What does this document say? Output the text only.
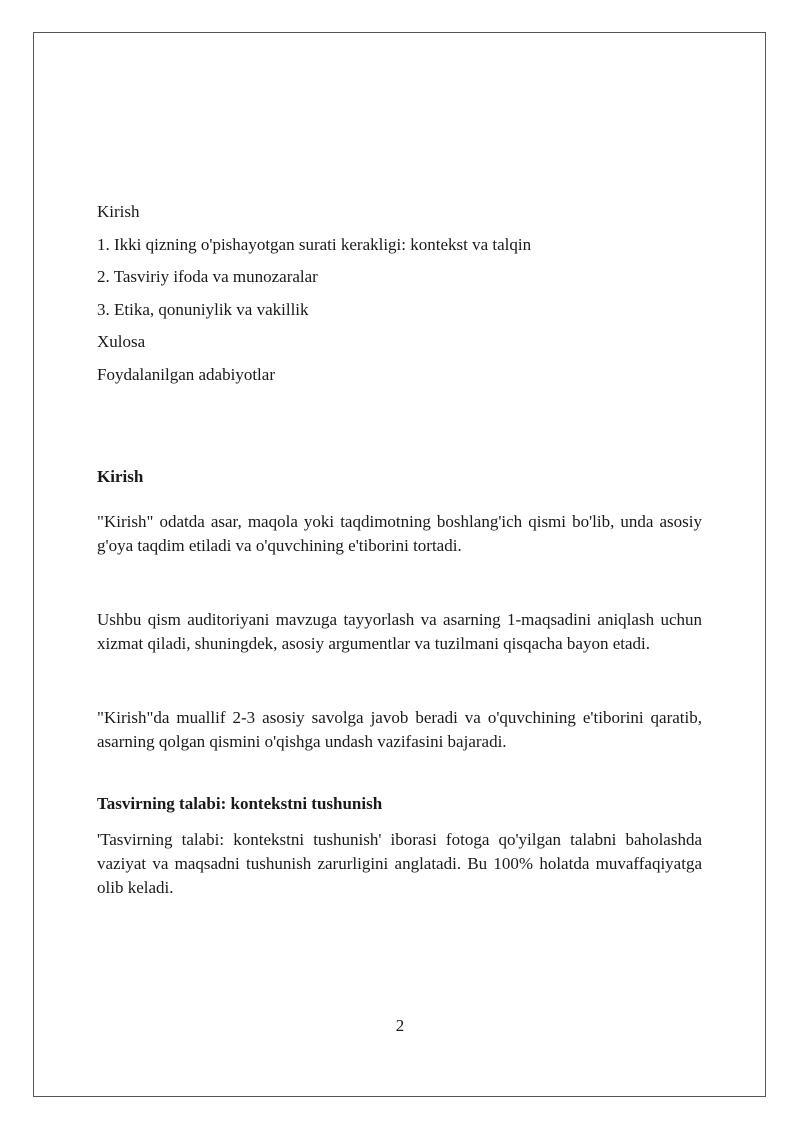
Kirish
1. Ikki qizning o'pishayotgan surati kerakligi: kontekst va talqin
2. Tasviriy ifoda va munozaralar
3. Etika, qonuniylik va vakillik
Xulosa
Foydalanilgan adabiyotlar
Kirish

"Kirish" odatda asar, maqola yoki taqdimotning boshlang'ich qismi bo'lib, unda asosiy g'oya taqdim etiladi va o'quvchining e'tiborini tortadi.

Ushbu qism auditoriyani mavzuga tayyorlash va asarning 1-maqsadini aniqlash uchun xizmat qiladi, shuningdek, asosiy argumentlar va tuzilmani qisqacha bayon etadi.

"Kirish"da muallif 2-3 asosiy savolga javob beradi va o'quvchining e'tiborini qaratib, asarning qolgan qismini o'qishga undash vazifasini bajaradi.

Tasvirning talabi: kontekstni tushunish

'Tasvirning talabi: kontekstni tushunish' iborasi fotoga qo'yilgan talabni baholashda vaziyat va maqsadni tushunish zarurligini anglatadi. Bu 100% holatda muvaffaqiyatga olib keladi.

2
